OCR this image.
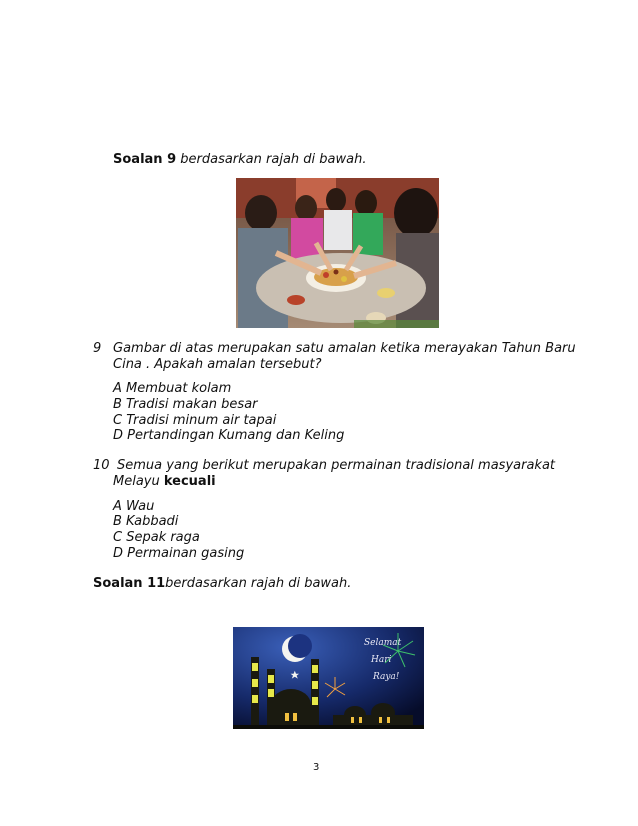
Soalan 9 berdasarkan rajah di bawah.
9 Gambar di atas merupakan satu amalan ketika merayakan Tahun Baru
Cina . Apakah amalan tersebut?
A Membuat kolam
B Tradisi makan besar
C Tradisi minum air tapai
D Pertandingan Kumang dan Keling
10 Semua yang berikut merupakan permainan tradisional masyarakat
Melayu kecuali
A Wau
B Kabbadi
C Sepak raga
D Permainan gasing
Soalan 11berdasarkan rajah di bawah.
Selamat
Hari
Raya!
3
